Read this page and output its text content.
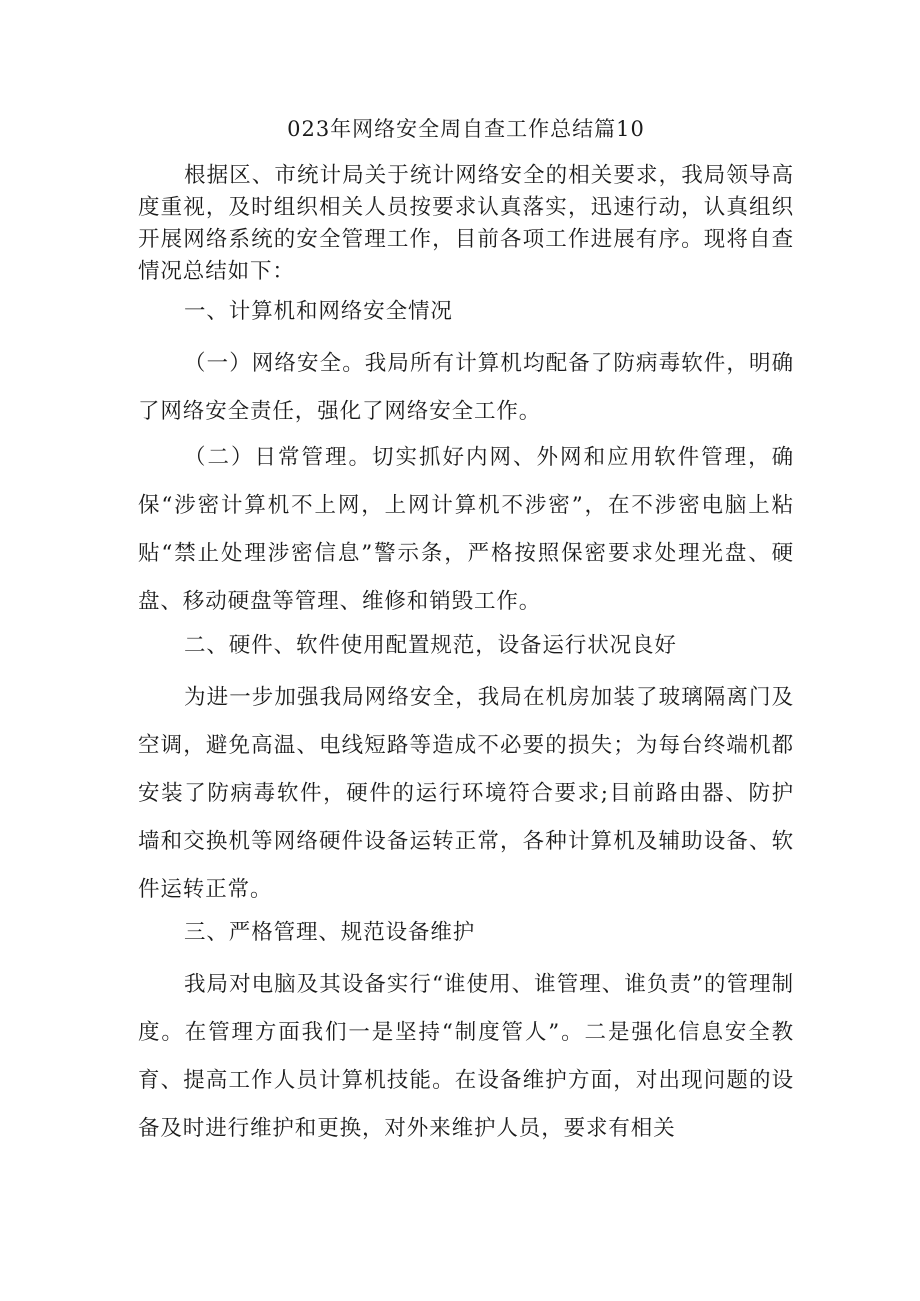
023年网络安全周自查工作总结篇10

根据区、市统计局关于统计网络安全的相关要求，我局领导高度重视，及时组织相关人员按要求认真落实，迅速行动，认真组织开展网络系统的安全管理工作，目前各项工作进展有序。现将自查情况总结如下：

一、计算机和网络安全情况

（一）网络安全。我局所有计算机均配备了防病毒软件，明确了网络安全责任，强化了网络安全工作。

（二）日常管理。切实抓好内网、外网和应用软件管理，确保“涉密计算机不上网，上网计算机不涉密”，在不涉密电脑上粘贴“禁止处理涉密信息”警示条，严格按照保密要求处理光盘、硬盘、移动硬盘等管理、维修和销毁工作。

二、硬件、软件使用配置规范，设备运行状况良好

为进一步加强我局网络安全，我局在机房加装了玻璃隔离门及空调，避免高温、电线短路等造成不必要的损失；为每台终端机都安装了防病毒软件，硬件的运行环境符合要求;目前路由器、防护墙和交换机等网络硬件设备运转正常，各种计算机及辅助设备、软件运转正常。

三、严格管理、规范设备维护

我局对电脑及其设备实行“谁使用、谁管理、谁负责”的管理制度。在管理方面我们一是坚持“制度管人”。二是强化信息安全教育、提高工作人员计算机技能。在设备维护方面，对出现问题的设备及时进行维护和更换，对外来维护人员，要求有相关
